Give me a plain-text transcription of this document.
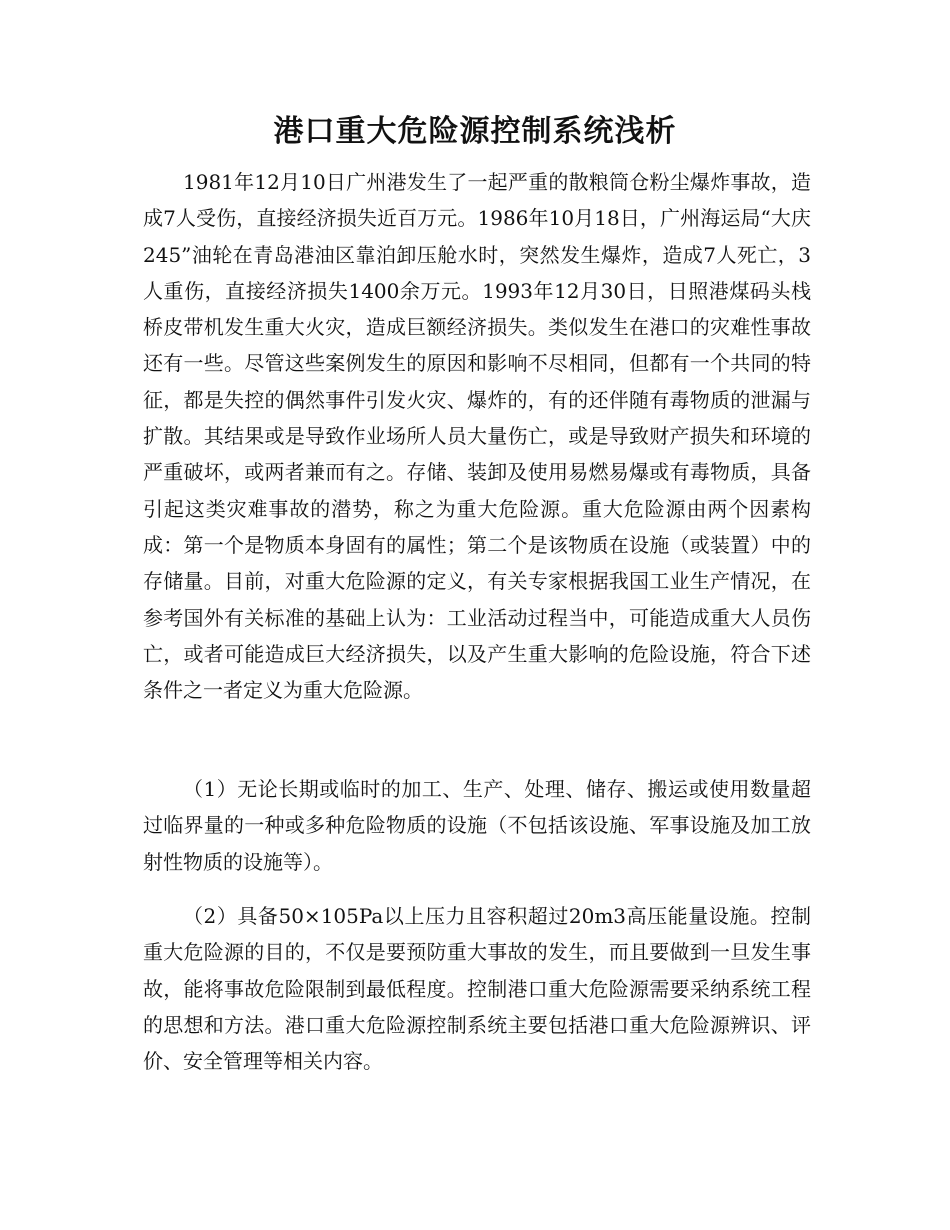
港口重大危险源控制系统浅析

1981年12月10日广州港发生了一起严重的散粮筒仓粉尘爆炸事故，造成7人受伤，直接经济损失近百万元。1986年10月18日，广州海运局“大庆245”油轮在青岛港油区靠泊卸压舱水时，突然发生爆炸，造成7人死亡，3人重伤，直接经济损失1400余万元。1993年12月30日，日照港煤码头栈桥皮带机发生重大火灾，造成巨额经济损失。类似发生在港口的灾难性事故还有一些。尽管这些案例发生的原因和影响不尽相同，但都有一个共同的特征，都是失控的偶然事件引发火灾、爆炸的，有的还伴随有毒物质的泄漏与扩散。其结果或是导致作业场所人员大量伤亡，或是导致财产损失和环境的严重破坏，或两者兼而有之。存储、装卸及使用易燃易爆或有毒物质，具备引起这类灾难事故的潜势，称之为重大危险源。重大危险源由两个因素构成：第一个是物质本身固有的属性；第二个是该物质在设施（或装置）中的存储量。目前，对重大危险源的定义，有关专家根据我国工业生产情况，在参考国外有关标准的基础上认为：工业活动过程当中，可能造成重大人员伤亡，或者可能造成巨大经济损失，以及产生重大影响的危险设施，符合下述条件之一者定义为重大危险源。

（1）无论长期或临时的加工、生产、处理、储存、搬运或使用数量超过临界量的一种或多种危险物质的设施（不包括该设施、军事设施及加工放射性物质的设施等）。

（2）具备50×105Pa以上压力且容积超过20m3高压能量设施。控制重大危险源的目的，不仅是要预防重大事故的发生，而且要做到一旦发生事故，能将事故危险限制到最低程度。控制港口重大危险源需要采纳系统工程的思想和方法。港口重大危险源控制系统主要包括港口重大危险源辨识、评价、安全管理等相关内容。
